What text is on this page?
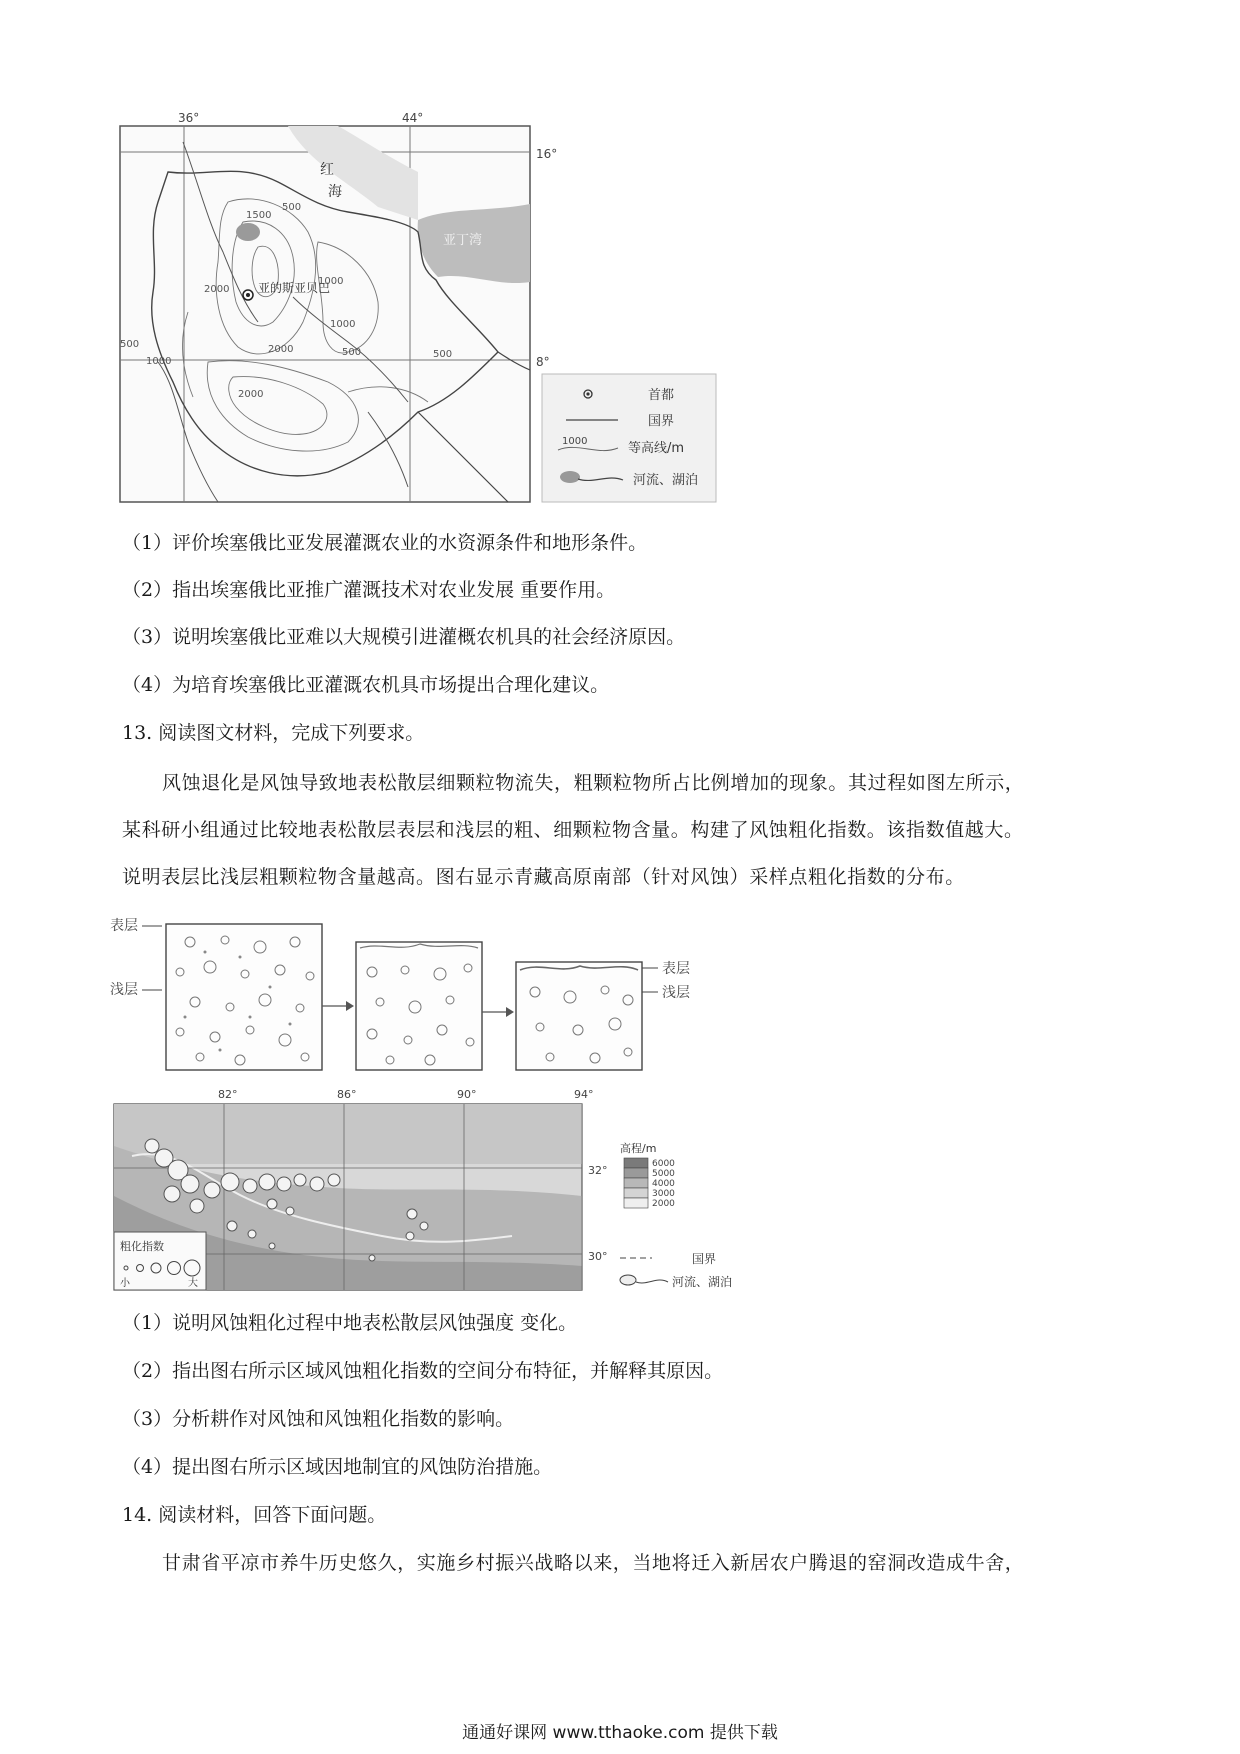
36°	44°
16°
8°
红
海
亚丁湾
亚的斯亚贝巴
1500
500
1000
2000
1000
500
1000
500
2000
2000
500
首都
国界
1000	等高线/m
河流、湖泊
（1）评价埃塞俄比亚发展灌溉农业的水资源条件和地形条件。
（2）指出埃塞俄比亚推广灌溉技术对农业发展 重要作用。
（3）说明埃塞俄比亚难以大规模引进灌概农机具的社会经济原因。
（4）为培育埃塞俄比亚灌溉农机具市场提出合理化建议。
13. 阅读图文材料，完成下列要求。
风蚀退化是风蚀导致地表松散层细颗粒物流失，粗颗粒物所占比例增加的现象。其过程如图左所示，
某科研小组通过比较地表松散层表层和浅层的粗、细颗粒物含量。构建了风蚀粗化指数。该指数值越大。
说明表层比浅层粗颗粒物含量越高。图右显示青藏高原南部（针对风蚀）采样点粗化指数的分布。
表层
浅层
表层
浅层
82°	86°	90°	94°
粗化指数
小	大
32°
30°
高程/m
6000
5000
4000
3000
2000
国界
河流、湖泊
（1）说明风蚀粗化过程中地表松散层风蚀强度 变化。
（2）指出图右所示区域风蚀粗化指数的空间分布特征，并解释其原因。
（3）分析耕作对风蚀和风蚀粗化指数的影响。
（4）提出图右所示区域因地制宜的风蚀防治措施。
14. 阅读材料，回答下面问题。
甘肃省平凉市养牛历史悠久，实施乡村振兴战略以来，当地将迁入新居农户腾退的窑洞改造成牛舍，
通通好课网 www.tthaoke.com 提供下载
